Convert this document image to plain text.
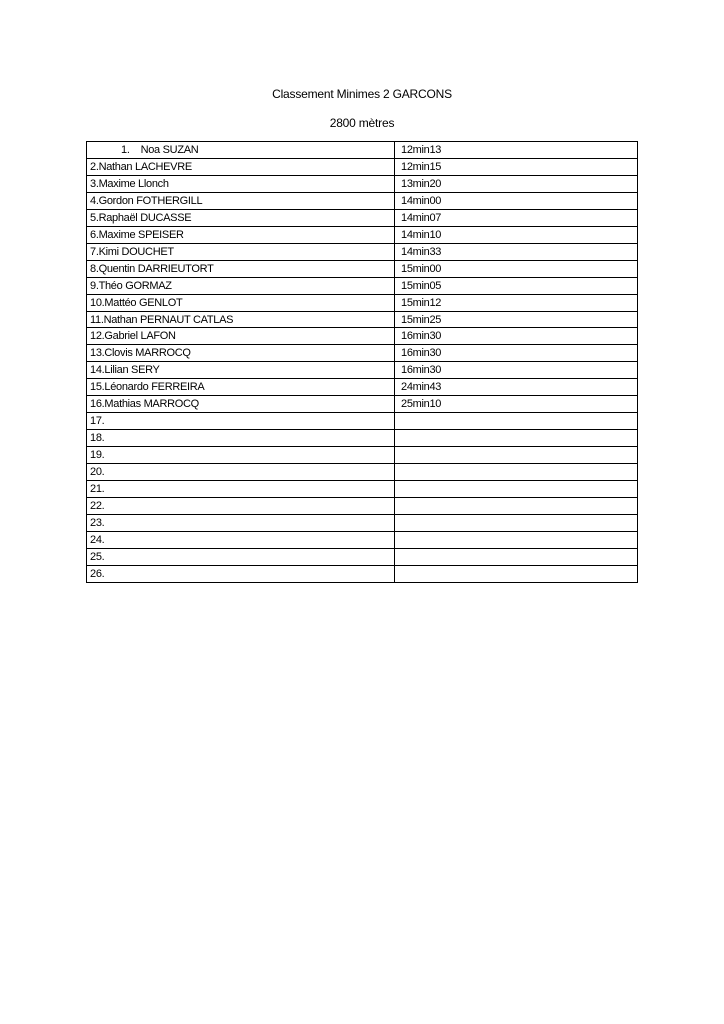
Classement Minimes 2 GARCONS
2800 mètres
1.    Noa SUZAN	12min13
2.Nathan LACHEVRE	12min15
3.Maxime Llonch	13min20
4.Gordon FOTHERGILL	14min00
5.Raphaël DUCASSE	14min07
6.Maxime SPEISER	14min10
7.Kimi DOUCHET	14min33
8.Quentin DARRIEUTORT	15min00
9.Théo GORMAZ	15min05
10.Mattéo GENLOT	15min12
11.Nathan PERNAUT CATLAS	15min25
12.Gabriel LAFON	16min30
13.Clovis MARROCQ	16min30
14.Lilian SERY	16min30
15.Léonardo FERREIRA	24min43
16.Mathias MARROCQ	25min10
17.	
18.	
19.	
20.	
21.	
22.	
23.	
24.	
25.	
26.	
